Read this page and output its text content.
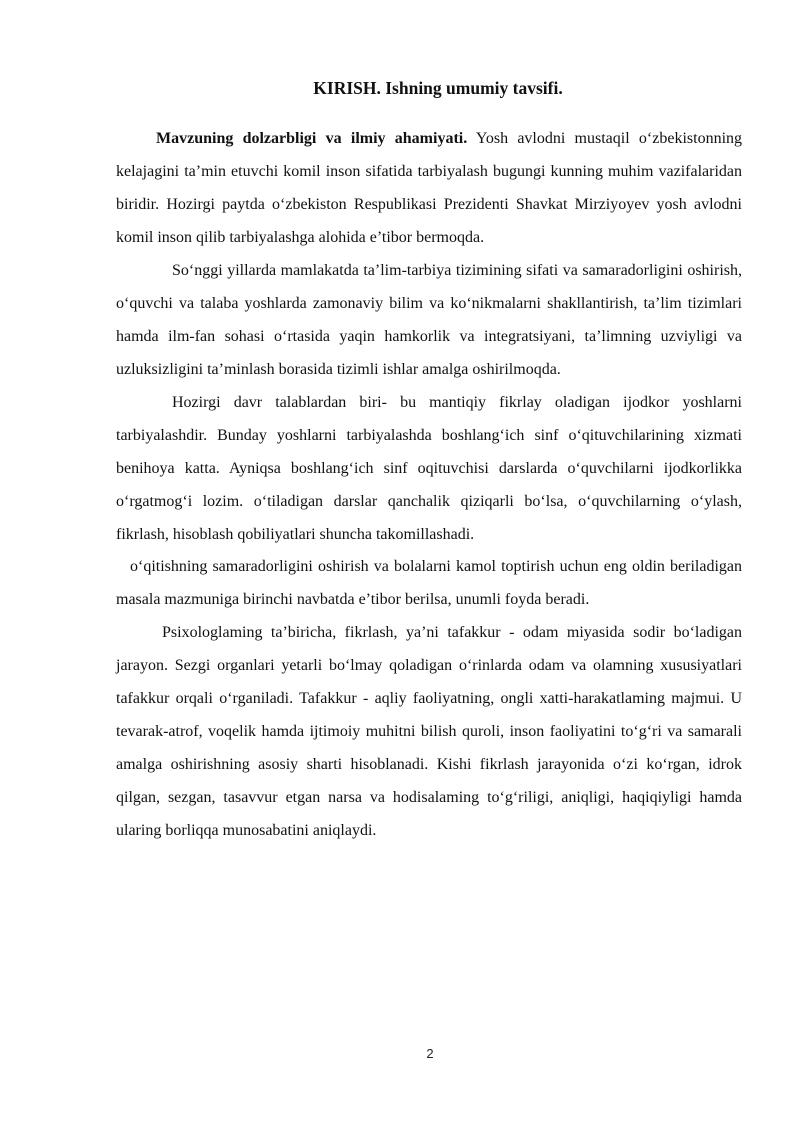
KIRISH. Ishning umumiy tavsifi.

Mavzuning dolzarbligi va ilmiy ahamiyati. Yosh avlodni mustaqil o‘zbekistonning kelajagini ta’min etuvchi komil inson sifatida tarbiyalash bugungi kunning muhim vazifalaridan biridir. Hozirgi paytda o‘zbekiston Respublikasi Prezidenti Shavkat Mirziyoyev yosh avlodni komil inson qilib tarbiyalashga alohida e’tibor bermoqda.

So‘nggi yillarda mamlakatda ta’lim-tarbiya tizimining sifati va samaradorligini oshirish, o‘quvchi va talaba yoshlarda zamonaviy bilim va ko‘nikmalarni shakllantirish, ta’lim tizimlari hamda ilm-fan sohasi o‘rtasida yaqin hamkorlik va integratsiyani, ta’limning uzviyligi va uzluksizligini ta’minlash borasida tizimli ishlar amalga oshirilmoqda.

Hozirgi davr talablardan biri- bu mantiqiy fikrlay oladigan ijodkor yoshlarni tarbiyalashdir. Bunday yoshlarni tarbiyalashda boshlang‘ich sinf o‘qituvchilarining xizmati benihoya katta. Ayniqsa boshlang‘ich sinf oqituvchisi darslarda o‘quvchilarni ijodkorlikka o‘rgatmog‘i lozim. o‘tiladigan darslar qanchalik qiziqarli bo‘lsa, o‘quvchilarning o‘ylash, fikrlash, hisoblash qobiliyatlari shuncha takomillashadi.

o‘qitishning samaradorligini oshirish va bolalarni kamol toptirish uchun eng oldin beriladigan masala mazmuniga birinchi navbatda e’tibor berilsa, unumli foyda beradi.

Psixologlaming ta’biricha, fikrlash, ya’ni tafakkur - odam miyasida sodir bo‘ladigan jarayon. Sezgi organlari yetarli bo‘lmay qoladigan o‘rinlarda odam va olamning xususiyatlari tafakkur orqali o‘rganiladi. Tafakkur - aqliy faoliyatning, ongli xatti-harakatlaming majmui. U tevarak-atrof, voqelik hamda ijtimoiy muhitni bilish quroli, inson faoliyatini to‘g‘ri va samarali amalga oshirishning asosiy sharti hisoblanadi. Kishi fikrlash jarayonida o‘zi ko‘rgan, idrok qilgan, sezgan, tasavvur etgan narsa va hodisalaming to‘g‘riligi, aniqligi, haqiqiyligi hamda ularing borliqqa munosabatini aniqlaydi.

2
